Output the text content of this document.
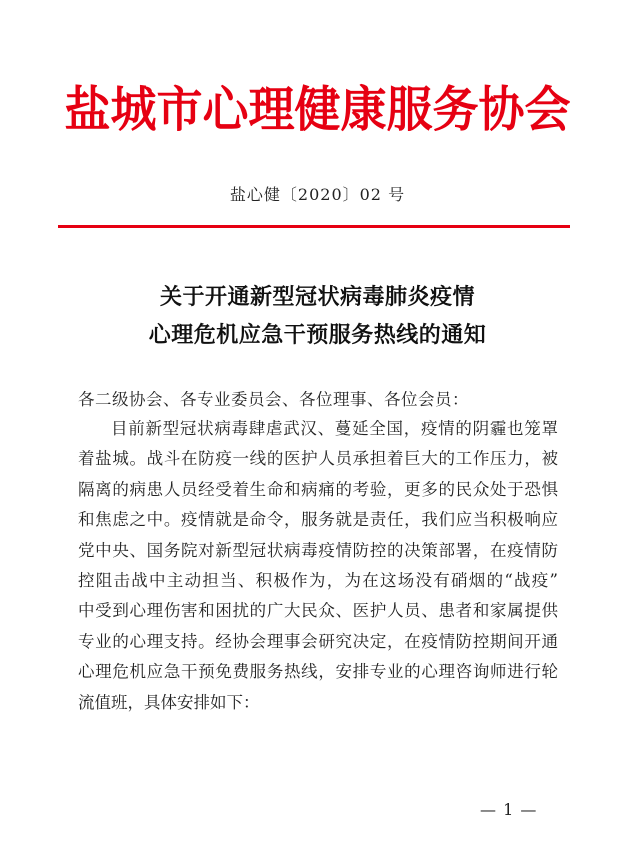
盐城市心理健康服务协会
盐心健〔2020〕02 号
关于开通新型冠状病毒肺炎疫情
心理危机应急干预服务热线的通知
各二级协会、各专业委员会、各位理事、各位会员：
目前新型冠状病毒肆虐武汉、蔓延全国，疫情的阴霾也笼罩
着盐城。战斗在防疫一线的医护人员承担着巨大的工作压力，被
隔离的病患人员经受着生命和病痛的考验，更多的民众处于恐惧
和焦虑之中。疫情就是命令，服务就是责任，我们应当积极响应
党中央、国务院对新型冠状病毒疫情防控的决策部署，在疫情防
控阻击战中主动担当、积极作为，为在这场没有硝烟的“战疫”
中受到心理伤害和困扰的广大民众、医护人员、患者和家属提供
专业的心理支持。经协会理事会研究决定，在疫情防控期间开通
心理危机应急干预免费服务热线，安排专业的心理咨询师进行轮
流值班，具体安排如下：
— 1 —
